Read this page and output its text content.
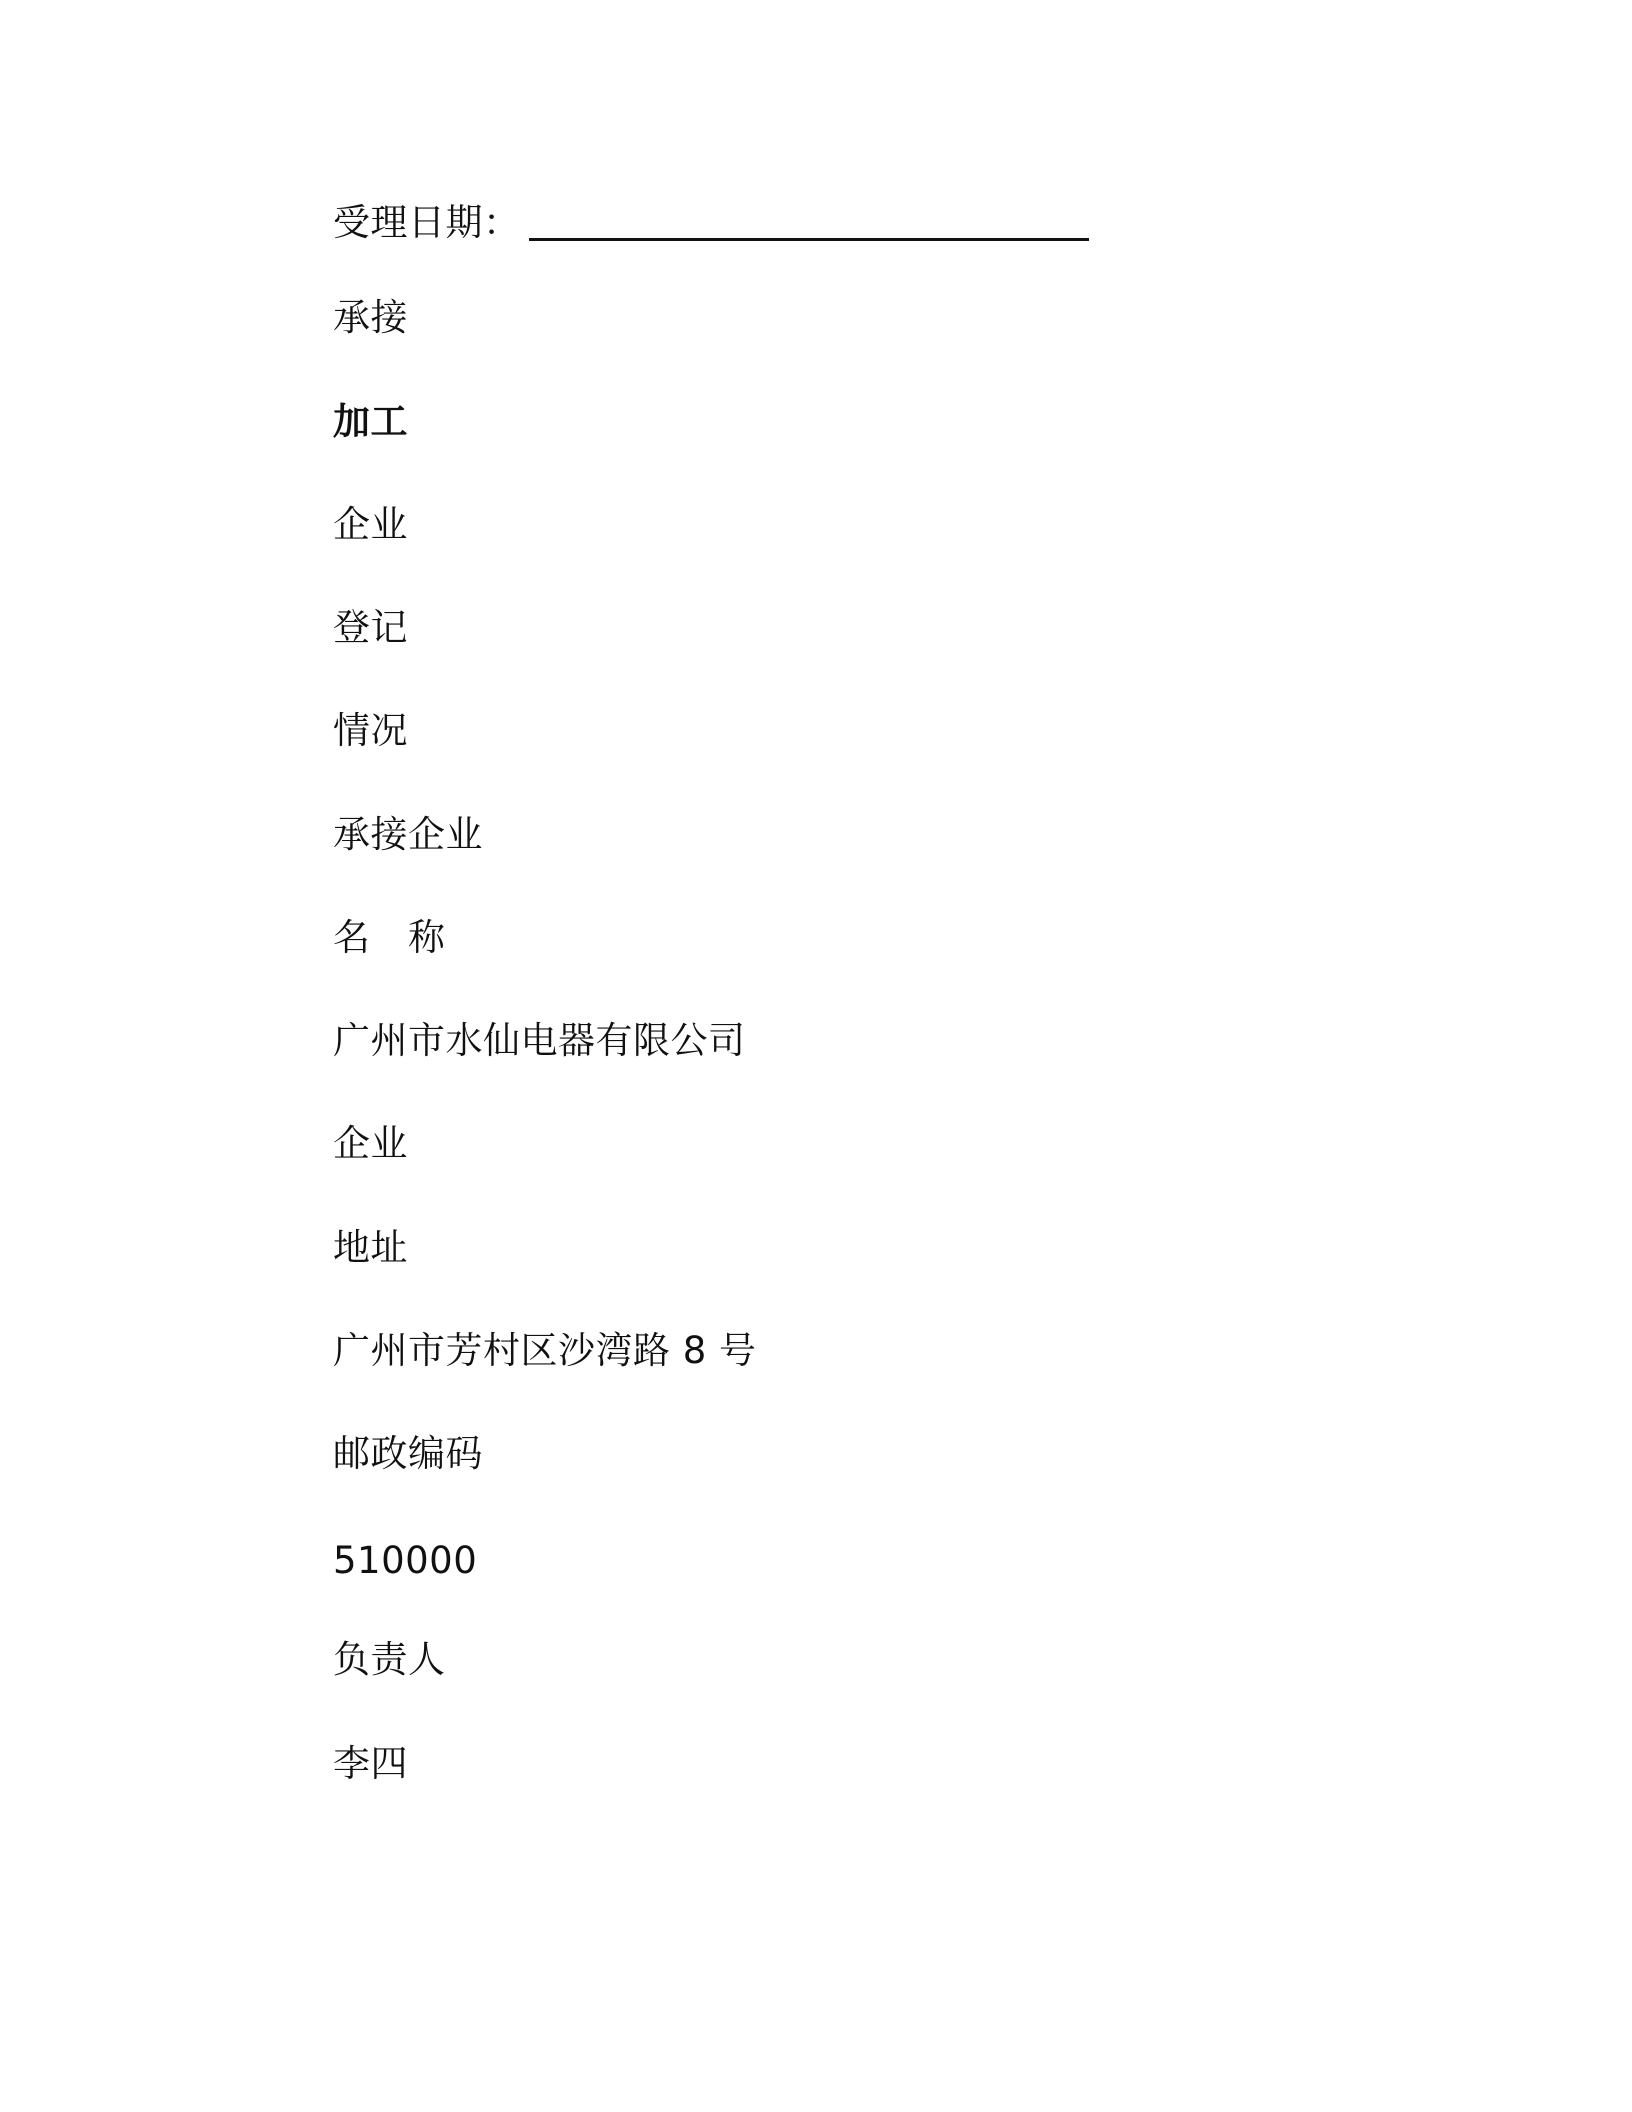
受理日期：
承接
加工
企业
登记
情况
承接企业
名　称
广州市水仙电器有限公司
企业
地址
广州市芳村区沙湾路 8 号
邮政编码
510000
负责人
李四
